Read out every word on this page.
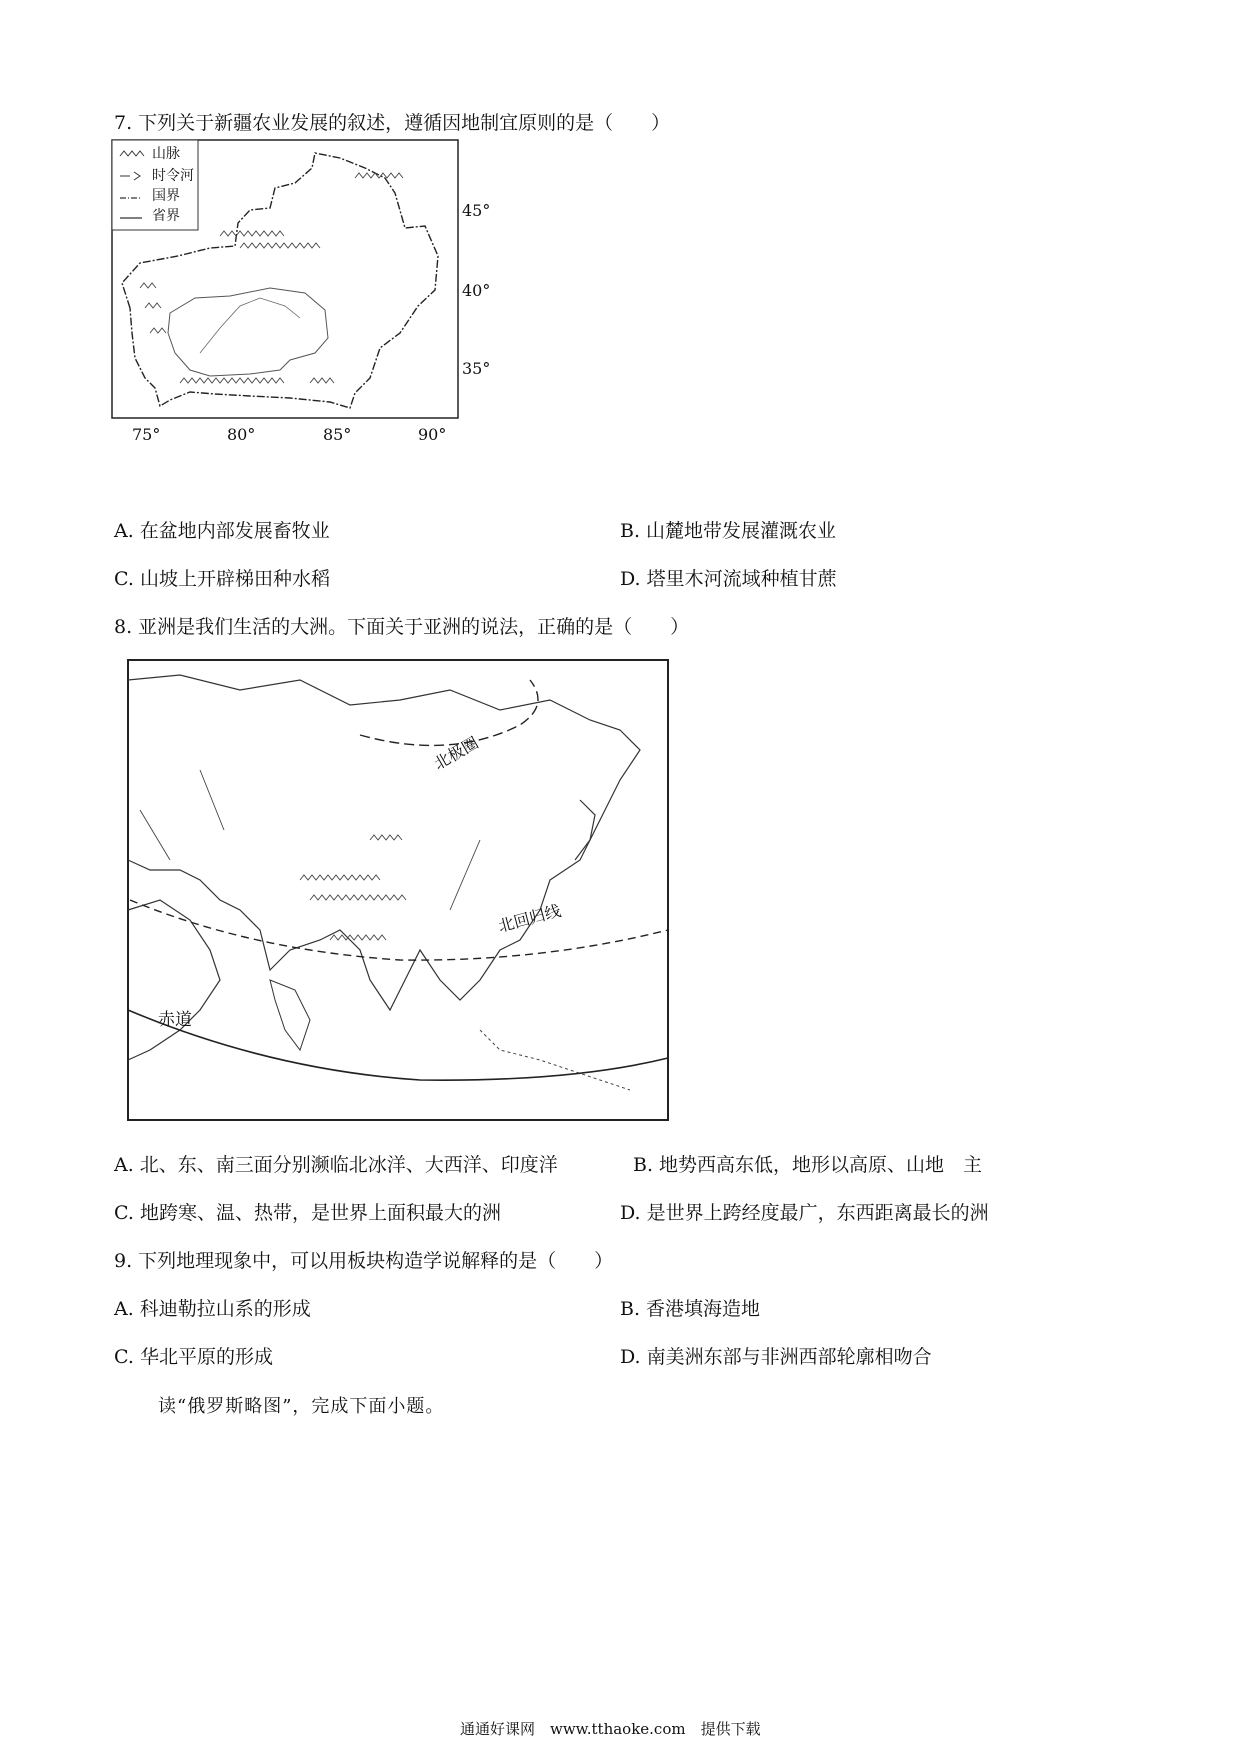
7. 下列关于新疆农业发展的叙述，遵循因地制宜原则的是（　　）
山脉
时令河
国界
省界	45°
40°
35°
75°	80°	85°	90°
A. 在盆地内部发展畜牧业	B. 山麓地带发展灌溉农业
C. 山坡上开辟梯田种水稻	D. 塔里木河流域种植甘蔗
8. 亚洲是我们生活的大洲。下面关于亚洲的说法，正确的是（　　）
北极圈
北回归线
赤道
A. 北、东、南三面分别濒临北冰洋、大西洋、印度洋	B. 地势西高东低，地形以高原、山地　主
C. 地跨寒、温、热带，是世界上面积最大的洲	D. 是世界上跨经度最广，东西距离最长的洲
9. 下列地理现象中，可以用板块构造学说解释的是（　　）
A. 科迪勒拉山系的形成	B. 香港填海造地
C. 华北平原的形成	D. 南美洲东部与非洲西部轮廓相吻合
读“俄罗斯略图”，完成下面小题。
通通好课网　www.tthaoke.com　提供下载
